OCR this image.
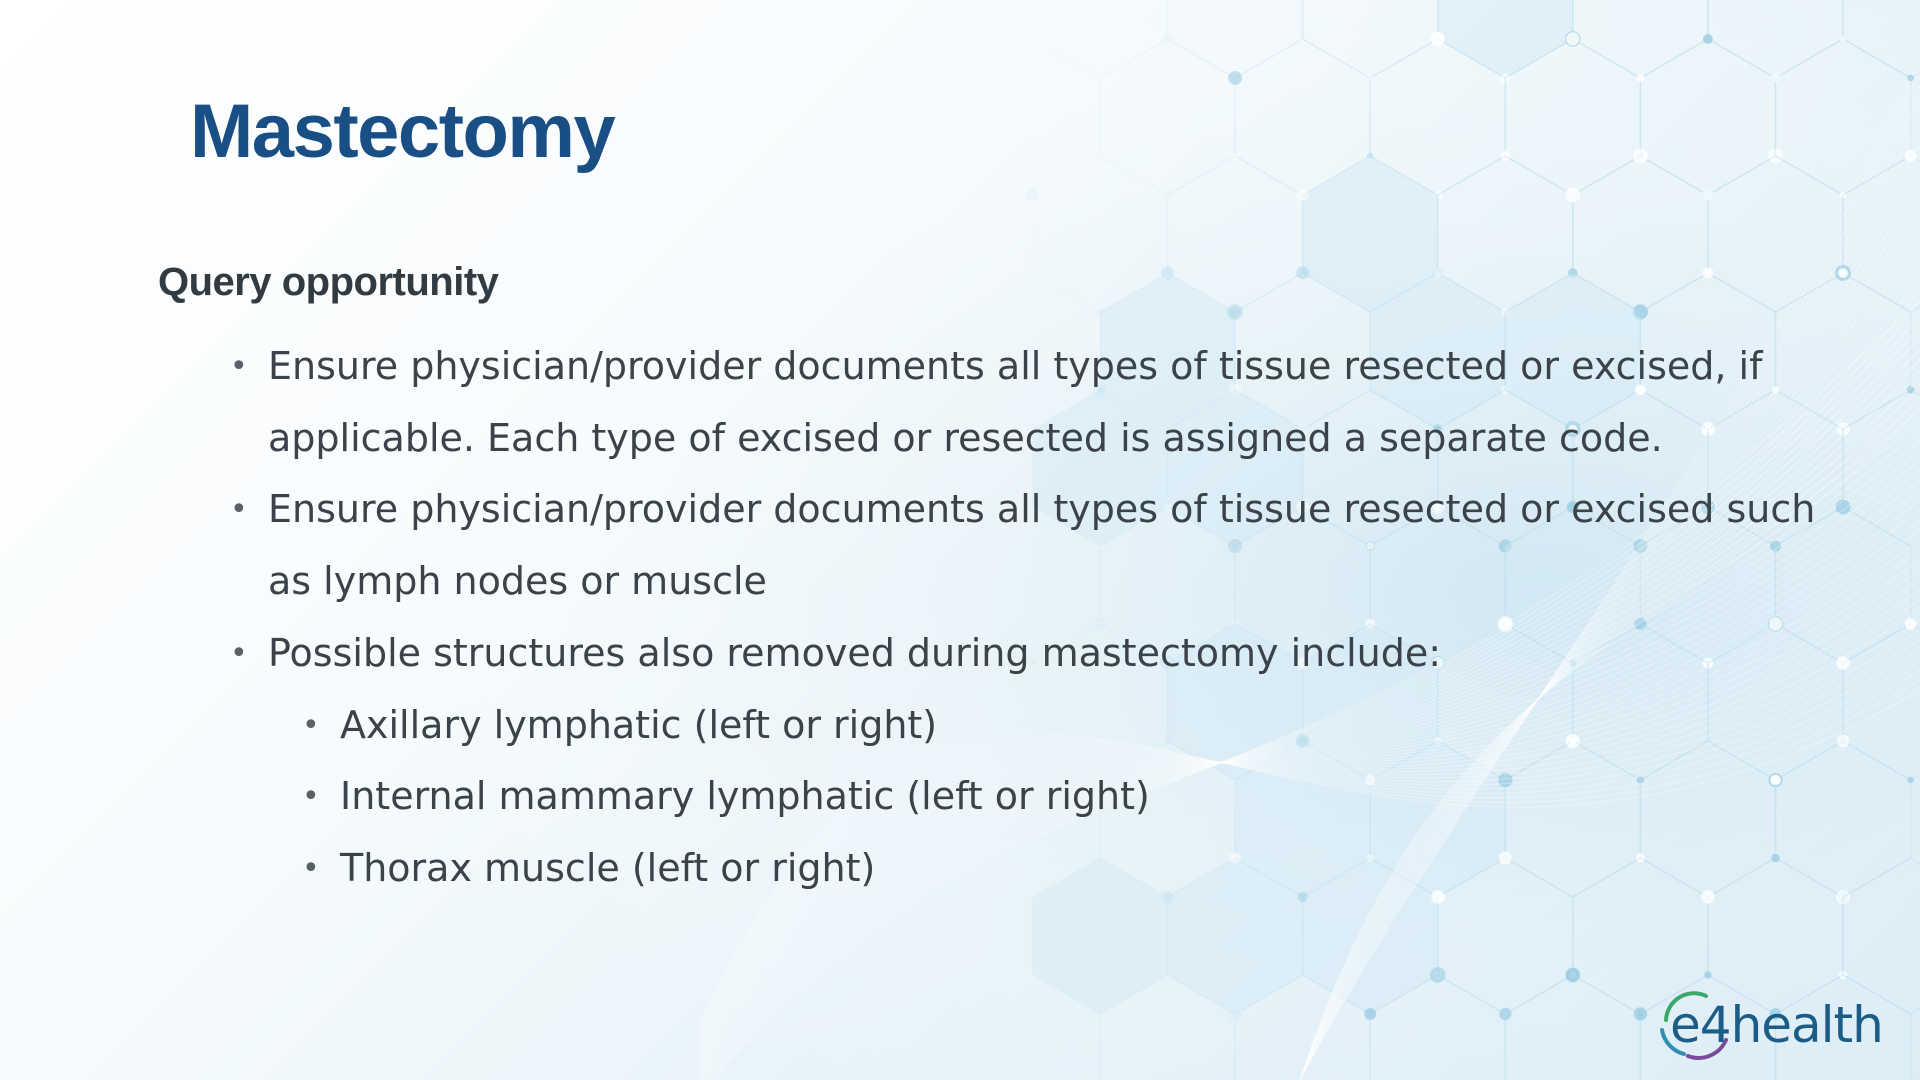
Mastectomy
Query opportunity
• Ensure physician/provider documents all types of tissue resected or excised, if applicable. Each type of excised or resected is assigned a separate code.
• Ensure physician/provider documents all types of tissue resected or excised such as lymph nodes or muscle
• Possible structures also removed during mastectomy include:
• Axillary lymphatic (left or right)
• Internal mammary lymphatic (left or right)
• Thorax muscle (left or right)
e4health
